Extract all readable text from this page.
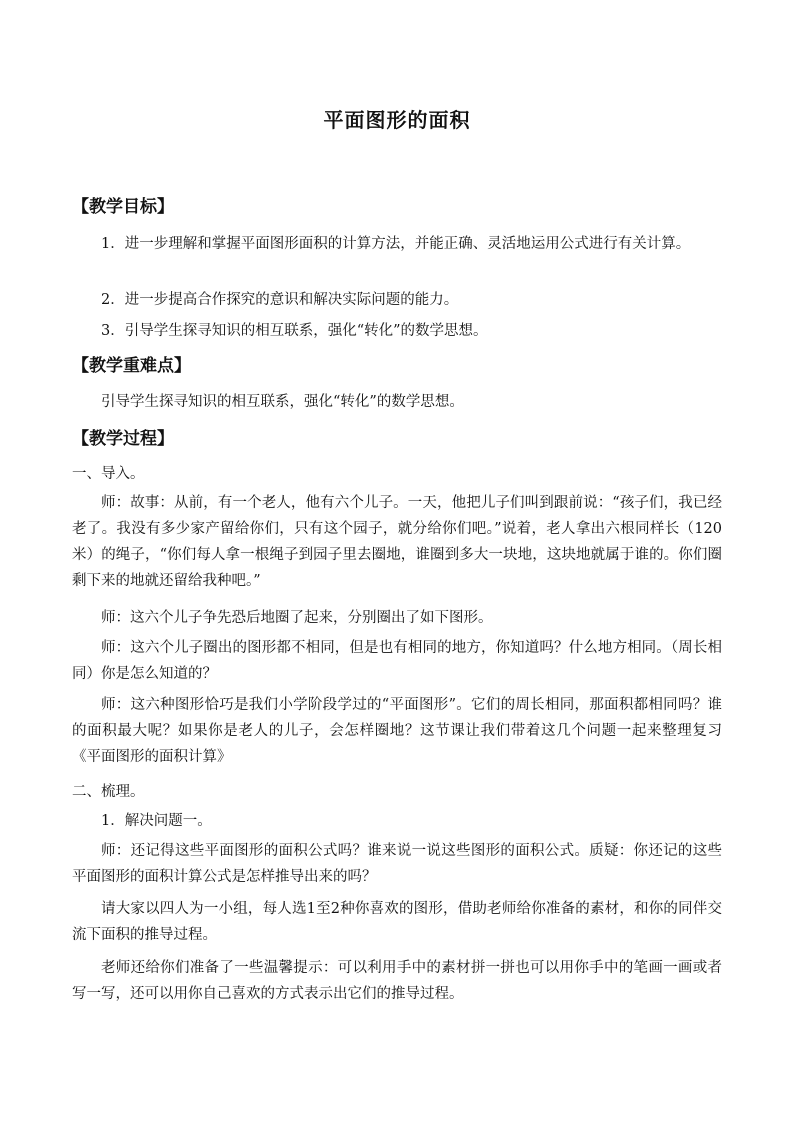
平面图形的面积
【教学目标】
1．进一步理解和掌握平面图形面积的计算方法，并能正确、灵活地运用公式进行有关计算。
2．进一步提高合作探究的意识和解决实际问题的能力。
3．引导学生探寻知识的相互联系，强化“转化”的数学思想。
【教学重难点】
引导学生探寻知识的相互联系，强化“转化”的数学思想。
【教学过程】
一、导入。
师：故事：从前，有一个老人，他有六个儿子。一天，他把儿子们叫到跟前说：“孩子们，我已经老了。我没有多少家产留给你们，只有这个园子，就分给你们吧。”说着，老人拿出六根同样长（120米）的绳子，“你们每人拿一根绳子到园子里去圈地，谁圈到多大一块地，这块地就属于谁的。你们圈剩下来的地就还留给我种吧。”
师：这六个儿子争先恐后地圈了起来，分别圈出了如下图形。
师：这六个儿子圈出的图形都不相同，但是也有相同的地方，你知道吗？什么地方相同。（周长相同）你是怎么知道的？
师：这六种图形恰巧是我们小学阶段学过的“平面图形”。它们的周长相同，那面积都相同吗？谁的面积最大呢？如果你是老人的儿子，会怎样圈地？这节课让我们带着这几个问题一起来整理复习《平面图形的面积计算》
二、梳理。
1．解决问题一。
师：还记得这些平面图形的面积公式吗？谁来说一说这些图形的面积公式。质疑：你还记的这些平面图形的面积计算公式是怎样推导出来的吗？
请大家以四人为一小组，每人选1至2种你喜欢的图形，借助老师给你准备的素材，和你的同伴交流下面积的推导过程。
老师还给你们准备了一些温馨提示：可以利用手中的素材拼一拼也可以用你手中的笔画一画或者写一写，还可以用你自己喜欢的方式表示出它们的推导过程。
